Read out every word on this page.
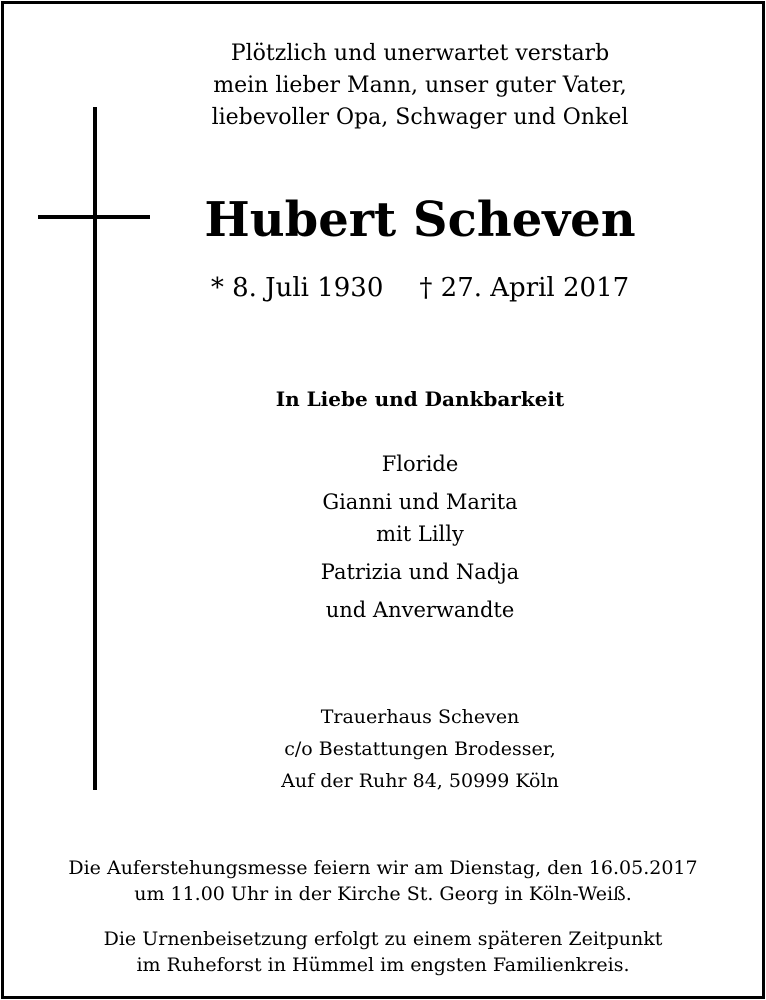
Plötzlich und unerwartet verstarb
mein lieber Mann, unser guter Vater,
liebevoller Opa, Schwager und Onkel
Hubert Scheven
* 8. Juli 1930 † 27. April 2017
In Liebe und Dankbarkeit
Floride
Gianni und Marita
mit Lilly
Patrizia und Nadja
und Anverwandte
Trauerhaus Scheven
c/o Bestattungen Brodesser,
Auf der Ruhr 84, 50999 Köln
Die Auferstehungsmesse feiern wir am Dienstag, den 16.05.2017
um 11.00 Uhr in der Kirche St. Georg in Köln-Weiß.
Die Urnenbeisetzung erfolgt zu einem späteren Zeitpunkt
im Ruheforst in Hümmel im engsten Familienkreis.
